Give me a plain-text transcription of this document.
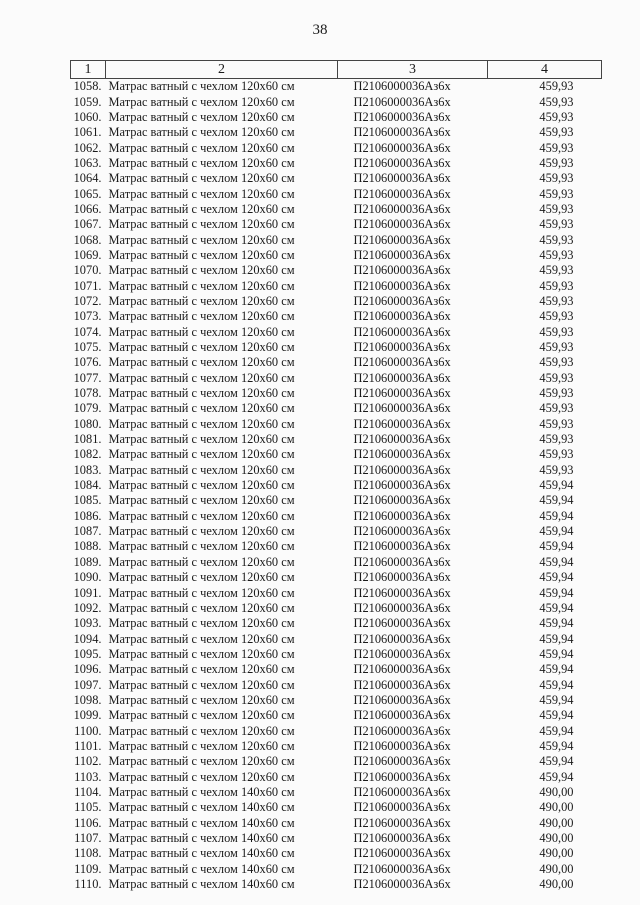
38
1	2	3	4
1058.	Матрас ватный с чехлом 120х60 см	П2106000036Аз6х	459,93
1059.	Матрас ватный с чехлом 120х60 см	П2106000036Аз6х	459,93
1060.	Матрас ватный с чехлом 120х60 см	П2106000036Аз6х	459,93
1061.	Матрас ватный с чехлом 120х60 см	П2106000036Аз6х	459,93
1062.	Матрас ватный с чехлом 120х60 см	П2106000036Аз6х	459,93
1063.	Матрас ватный с чехлом 120х60 см	П2106000036Аз6х	459,93
1064.	Матрас ватный с чехлом 120х60 см	П2106000036Аз6х	459,93
1065.	Матрас ватный с чехлом 120х60 см	П2106000036Аз6х	459,93
1066.	Матрас ватный с чехлом 120х60 см	П2106000036Аз6х	459,93
1067.	Матрас ватный с чехлом 120х60 см	П2106000036Аз6х	459,93
1068.	Матрас ватный с чехлом 120х60 см	П2106000036Аз6х	459,93
1069.	Матрас ватный с чехлом 120х60 см	П2106000036Аз6х	459,93
1070.	Матрас ватный с чехлом 120х60 см	П2106000036Аз6х	459,93
1071.	Матрас ватный с чехлом 120х60 см	П2106000036Аз6х	459,93
1072.	Матрас ватный с чехлом 120х60 см	П2106000036Аз6х	459,93
1073.	Матрас ватный с чехлом 120х60 см	П2106000036Аз6х	459,93
1074.	Матрас ватный с чехлом 120х60 см	П2106000036Аз6х	459,93
1075.	Матрас ватный с чехлом 120х60 см	П2106000036Аз6х	459,93
1076.	Матрас ватный с чехлом 120х60 см	П2106000036Аз6х	459,93
1077.	Матрас ватный с чехлом 120х60 см	П2106000036Аз6х	459,93
1078.	Матрас ватный с чехлом 120х60 см	П2106000036Аз6х	459,93
1079.	Матрас ватный с чехлом 120х60 см	П2106000036Аз6х	459,93
1080.	Матрас ватный с чехлом 120х60 см	П2106000036Аз6х	459,93
1081.	Матрас ватный с чехлом 120х60 см	П2106000036Аз6х	459,93
1082.	Матрас ватный с чехлом 120х60 см	П2106000036Аз6х	459,93
1083.	Матрас ватный с чехлом 120х60 см	П2106000036Аз6х	459,93
1084.	Матрас ватный с чехлом 120х60 см	П2106000036Аз6х	459,94
1085.	Матрас ватный с чехлом 120х60 см	П2106000036Аз6х	459,94
1086.	Матрас ватный с чехлом 120х60 см	П2106000036Аз6х	459,94
1087.	Матрас ватный с чехлом 120х60 см	П2106000036Аз6х	459,94
1088.	Матрас ватный с чехлом 120х60 см	П2106000036Аз6х	459,94
1089.	Матрас ватный с чехлом 120х60 см	П2106000036Аз6х	459,94
1090.	Матрас ватный с чехлом 120х60 см	П2106000036Аз6х	459,94
1091.	Матрас ватный с чехлом 120х60 см	П2106000036Аз6х	459,94
1092.	Матрас ватный с чехлом 120х60 см	П2106000036Аз6х	459,94
1093.	Матрас ватный с чехлом 120х60 см	П2106000036Аз6х	459,94
1094.	Матрас ватный с чехлом 120х60 см	П2106000036Аз6х	459,94
1095.	Матрас ватный с чехлом 120х60 см	П2106000036Аз6х	459,94
1096.	Матрас ватный с чехлом 120х60 см	П2106000036Аз6х	459,94
1097.	Матрас ватный с чехлом 120х60 см	П2106000036Аз6х	459,94
1098.	Матрас ватный с чехлом 120х60 см	П2106000036Аз6х	459,94
1099.	Матрас ватный с чехлом 120х60 см	П2106000036Аз6х	459,94
1100.	Матрас ватный с чехлом 120х60 см	П2106000036Аз6х	459,94
1101.	Матрас ватный с чехлом 120х60 см	П2106000036Аз6х	459,94
1102.	Матрас ватный с чехлом 120х60 см	П2106000036Аз6х	459,94
1103.	Матрас ватный с чехлом 120х60 см	П2106000036Аз6х	459,94
1104.	Матрас ватный с чехлом 140х60 см	П2106000036Аз6х	490,00
1105.	Матрас ватный с чехлом 140х60 см	П2106000036Аз6х	490,00
1106.	Матрас ватный с чехлом 140х60 см	П2106000036Аз6х	490,00
1107.	Матрас ватный с чехлом 140х60 см	П2106000036Аз6х	490,00
1108.	Матрас ватный с чехлом 140х60 см	П2106000036Аз6х	490,00
1109.	Матрас ватный с чехлом 140х60 см	П2106000036Аз6х	490,00
1110.	Матрас ватный с чехлом 140х60 см	П2106000036Аз6х	490,00
